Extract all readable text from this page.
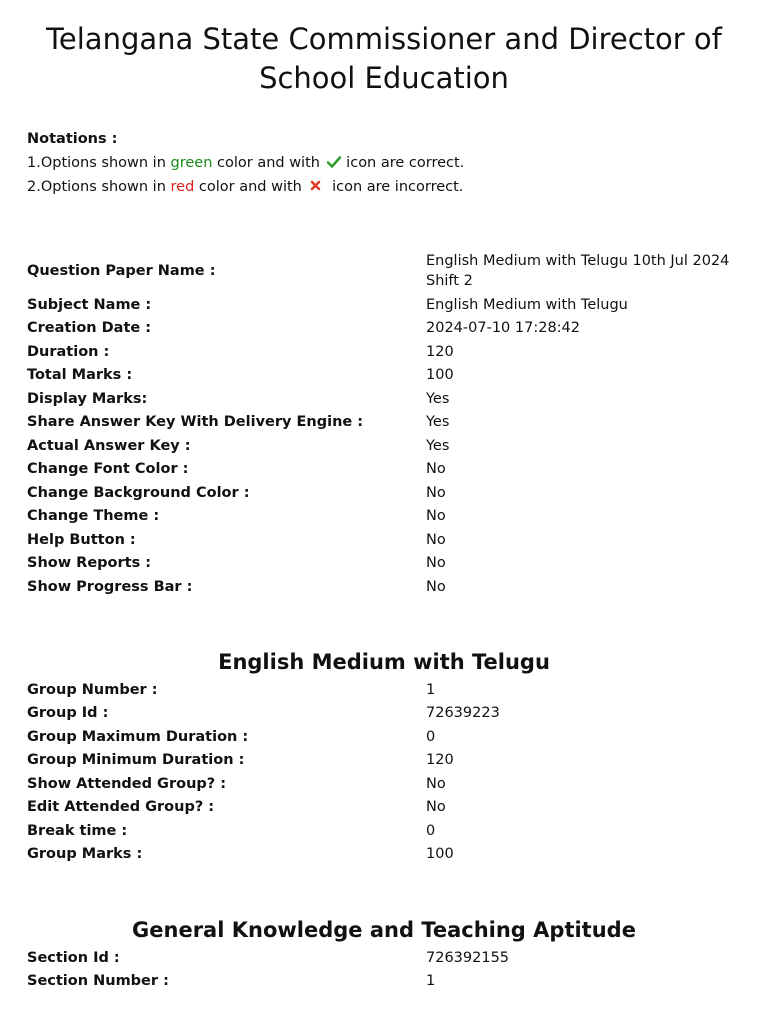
Telangana State Commissioner and Director of School Education
Notations :
1.Options shown in green color and with  icon are correct.
2.Options shown in red color and with  icon are incorrect.
Question Paper Name :	English Medium with Telugu 10th Jul 2024 Shift 2
Subject Name :	English Medium with Telugu
Creation Date :	2024-07-10 17:28:42
Duration :	120
Total Marks :	100
Display Marks:	Yes
Share Answer Key With Delivery Engine :	Yes
Actual Answer Key :	Yes
Change Font Color :	No
Change Background Color :	No
Change Theme :	No
Help Button :	No
Show Reports :	No
Show Progress Bar :	No
English Medium with Telugu
Group Number :	1
Group Id :	72639223
Group Maximum Duration :	0
Group Minimum Duration :	120
Show Attended Group? :	No
Edit Attended Group? :	No
Break time :	0
Group Marks :	100
General Knowledge and Teaching Aptitude
Section Id :	726392155
Section Number :	1
